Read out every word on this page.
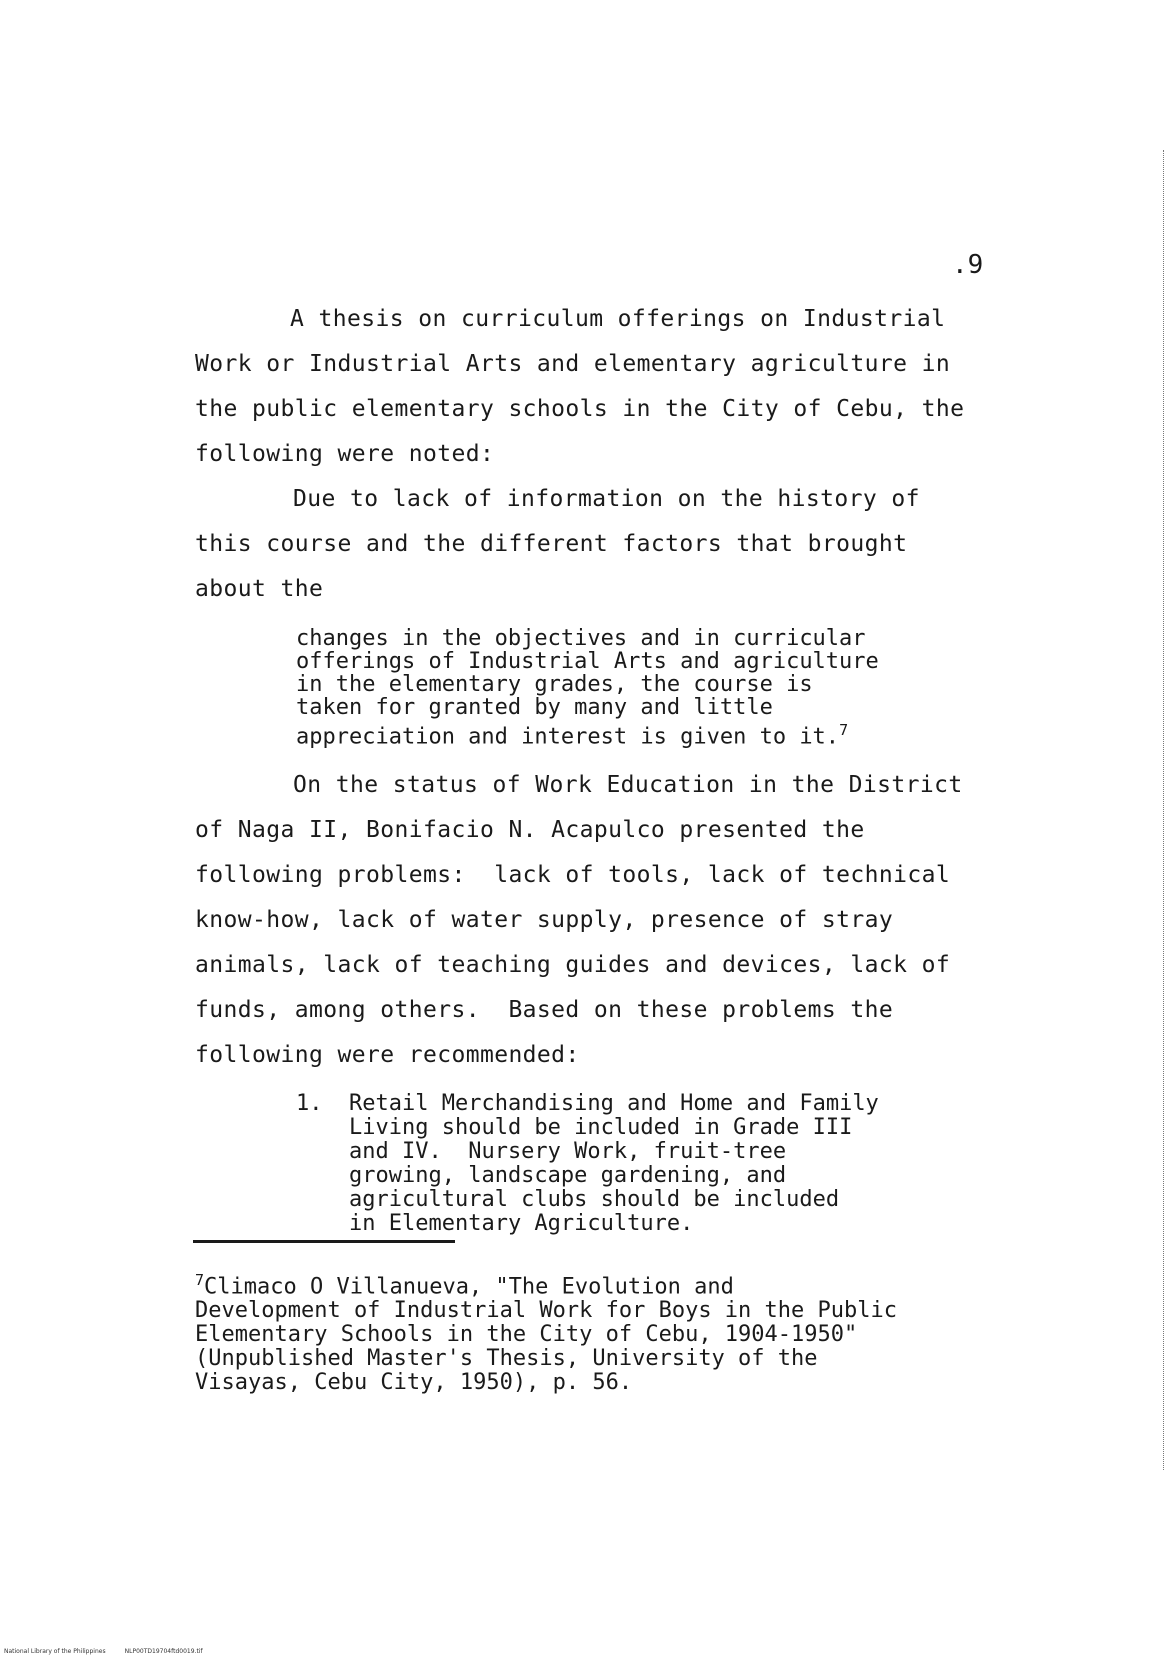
.9
A thesis on curriculum offerings on Industrial
Work or Industrial Arts and elementary agriculture in
the public elementary schools in the City of Cebu, the
following were noted:
Due to lack of information on the history of
this course and the different factors that brought
about the
changes in the objectives and in curricular
offerings of Industrial Arts and agriculture
in the elementary grades, the course is
taken for granted by many and little
appreciation and interest is given to it.$^7$
On the status of Work Education in the District
of Naga II, Bonifacio N. Acapulco presented the
following problems:  lack of tools, lack of technical
know-how, lack of water supply, presence of stray
animals, lack of teaching guides and devices, lack of
funds, among others.  Based on these problems the
following were recommended:
1. Retail Merchandising and Home and Family
Living should be included in Grade III
and IV.  Nursery Work, fruit-tree
growing, landscape gardening, and
agricultural clubs should be included
in Elementary Agriculture.
$^7$Climaco O Villanueva, "The Evolution and
Development of Industrial Work for Boys in the Public
Elementary Schools in the City of Cebu, 1904-1950"
(Unpublished Master's Thesis, University of the
Visayas, Cebu City, 1950), p. 56.
National Library of the Philippines	NLP00TD19704ftd0019.tif
